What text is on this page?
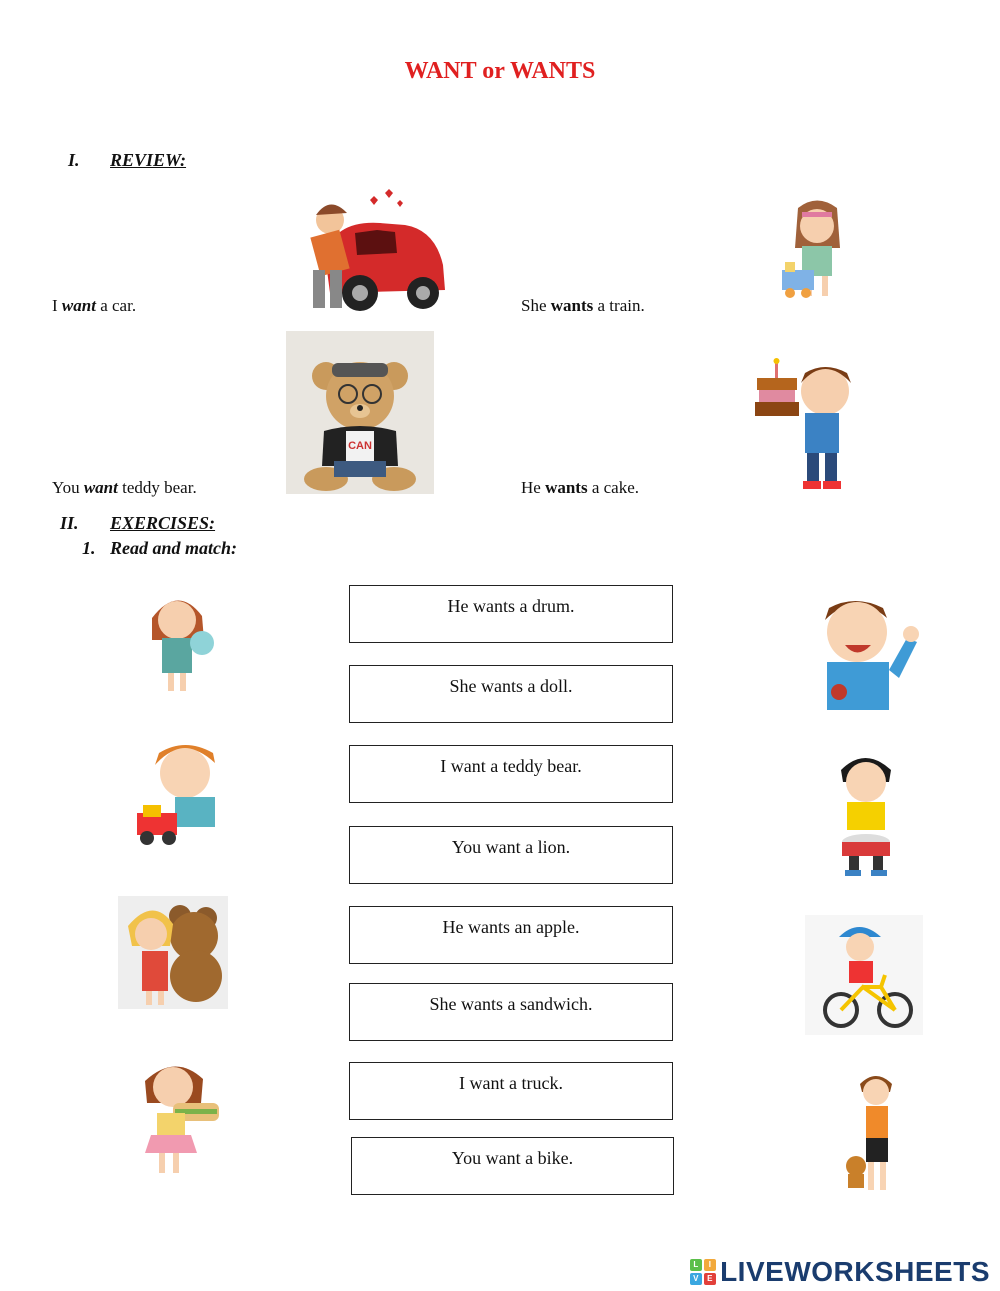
WANT or WANTS
I. REVIEW:
I want a car.	She wants a train.
You want teddy bear.	He wants a cake.
CAN
II. EXERCISES:
1. Read and match:
He wants a drum.
She wants a doll.
I want a teddy bear.
You want a lion.
He wants an apple.
She wants a sandwich.
I want a truck.
You want a bike.
L	I
V	E LIVEWORKSHEETS
